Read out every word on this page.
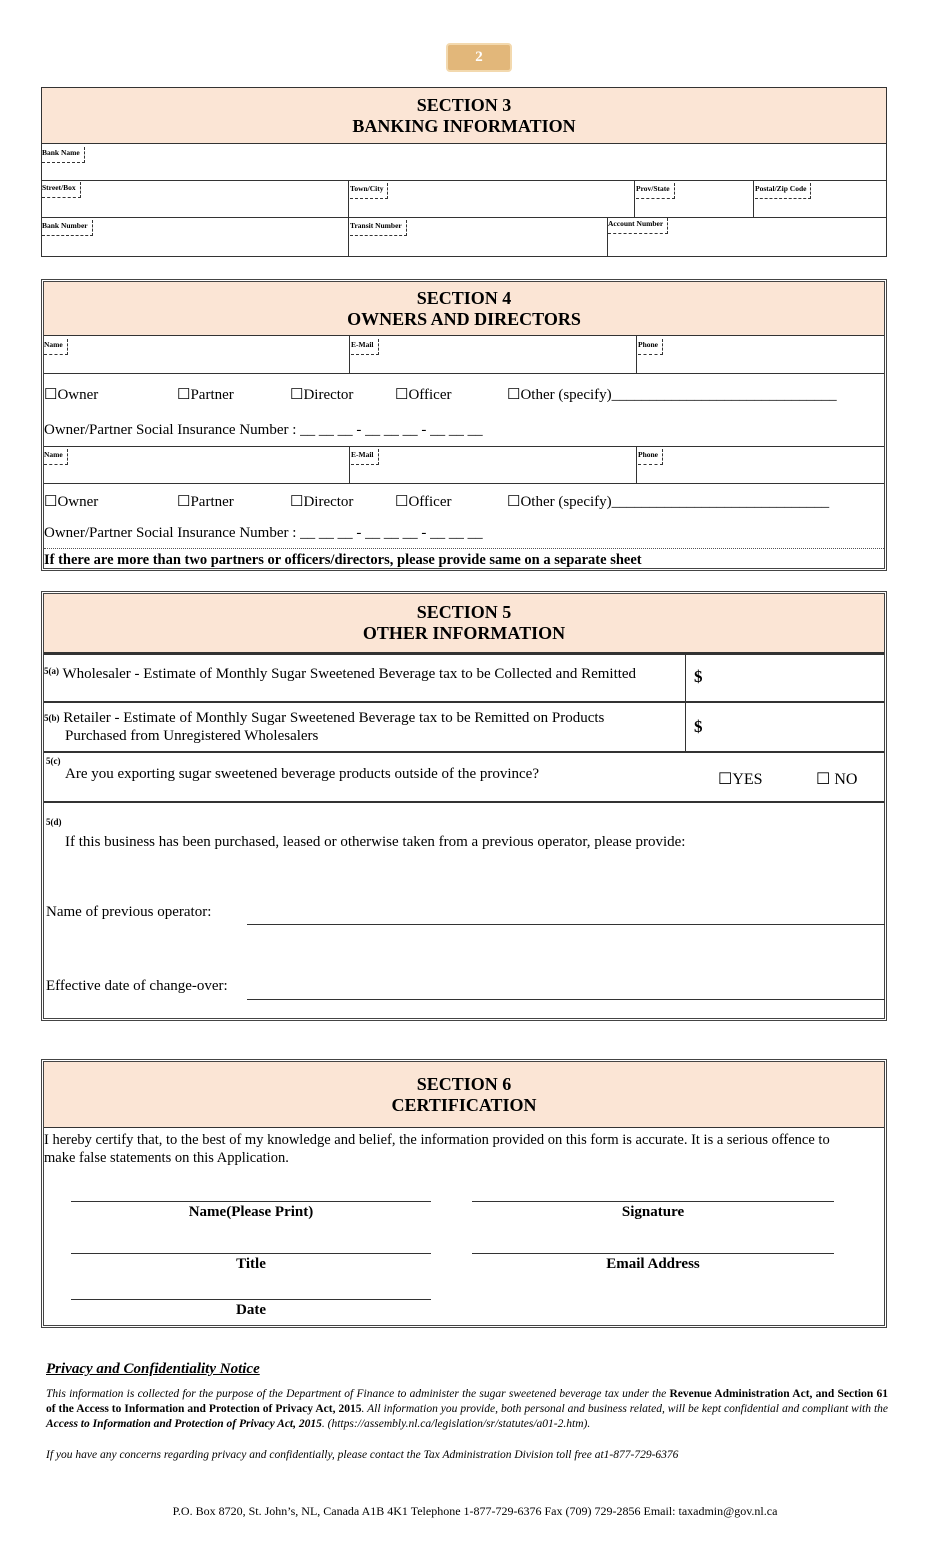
2
SECTION 3
BANKING INFORMATION
Bank Name
Street/Box	Town/City	Prov/State	Postal/Zip Code
Bank Number	Transit Number	Account Number
SECTION 4
OWNERS AND DIRECTORS
Name	E-Mail	Phone
☐Owner	☐Partner	☐Director	☐Officer	☐Other (specify)______________________________
Owner/Partner Social Insurance Number : __ __ __ - __ __ __ - __ __ __
Name	E-Mail	Phone
☐Owner	☐Partner	☐Director	☐Officer	☐Other (specify)_____________________________
Owner/Partner Social Insurance Number : __ __ __ - __ __ __ - __ __ __
If there are more than two partners or officers/directors, please provide same on a separate sheet
SECTION 5
OTHER INFORMATION
$^{5(a)}$ Wholesaler - Estimate of Monthly Sugar Sweetened Beverage tax to be Collected and Remitted	$
$^{5(b)}$ Retailer - Estimate of Monthly Sugar Sweetened Beverage tax to be Remitted on Products
Purchased from Unregistered Wholesalers	$
$^{5(c)}$
Are you exporting sugar sweetened beverage products outside of the province?	☐YES	☐ NO
$^{5(d)}$
If this business has been purchased, leased or otherwise taken from a previous operator, please provide:
Name of previous operator:
Effective date of change-over:
SECTION 6
CERTIFICATION
I hereby certify that, to the best of my knowledge and belief, the information provided on this form is accurate. It is a serious offence to
make false statements on this Application.
Name(Please Print)	Signature
Title	Email Address
Date
Privacy and Confidentiality Notice
This information is collected for the purpose of the Department of Finance to administer the sugar sweetened beverage tax under the Revenue Administration Act, and Section 61 of the Access to Information and Protection of Privacy Act, 2015. All information you provide, both personal and business related, will be kept confidential and compliant with the Access to Information and Protection of Privacy Act, 2015. (https://assembly.nl.ca/legislation/sr/statutes/a01-2.htm).
If you have any concerns regarding privacy and confidentially, please contact the Tax Administration Division toll free at1-877-729-6376
P.O. Box 8720, St. John’s, NL, Canada A1B 4K1 Telephone 1-877-729-6376 Fax (709) 729-2856 Email: taxadmin@gov.nl.ca
